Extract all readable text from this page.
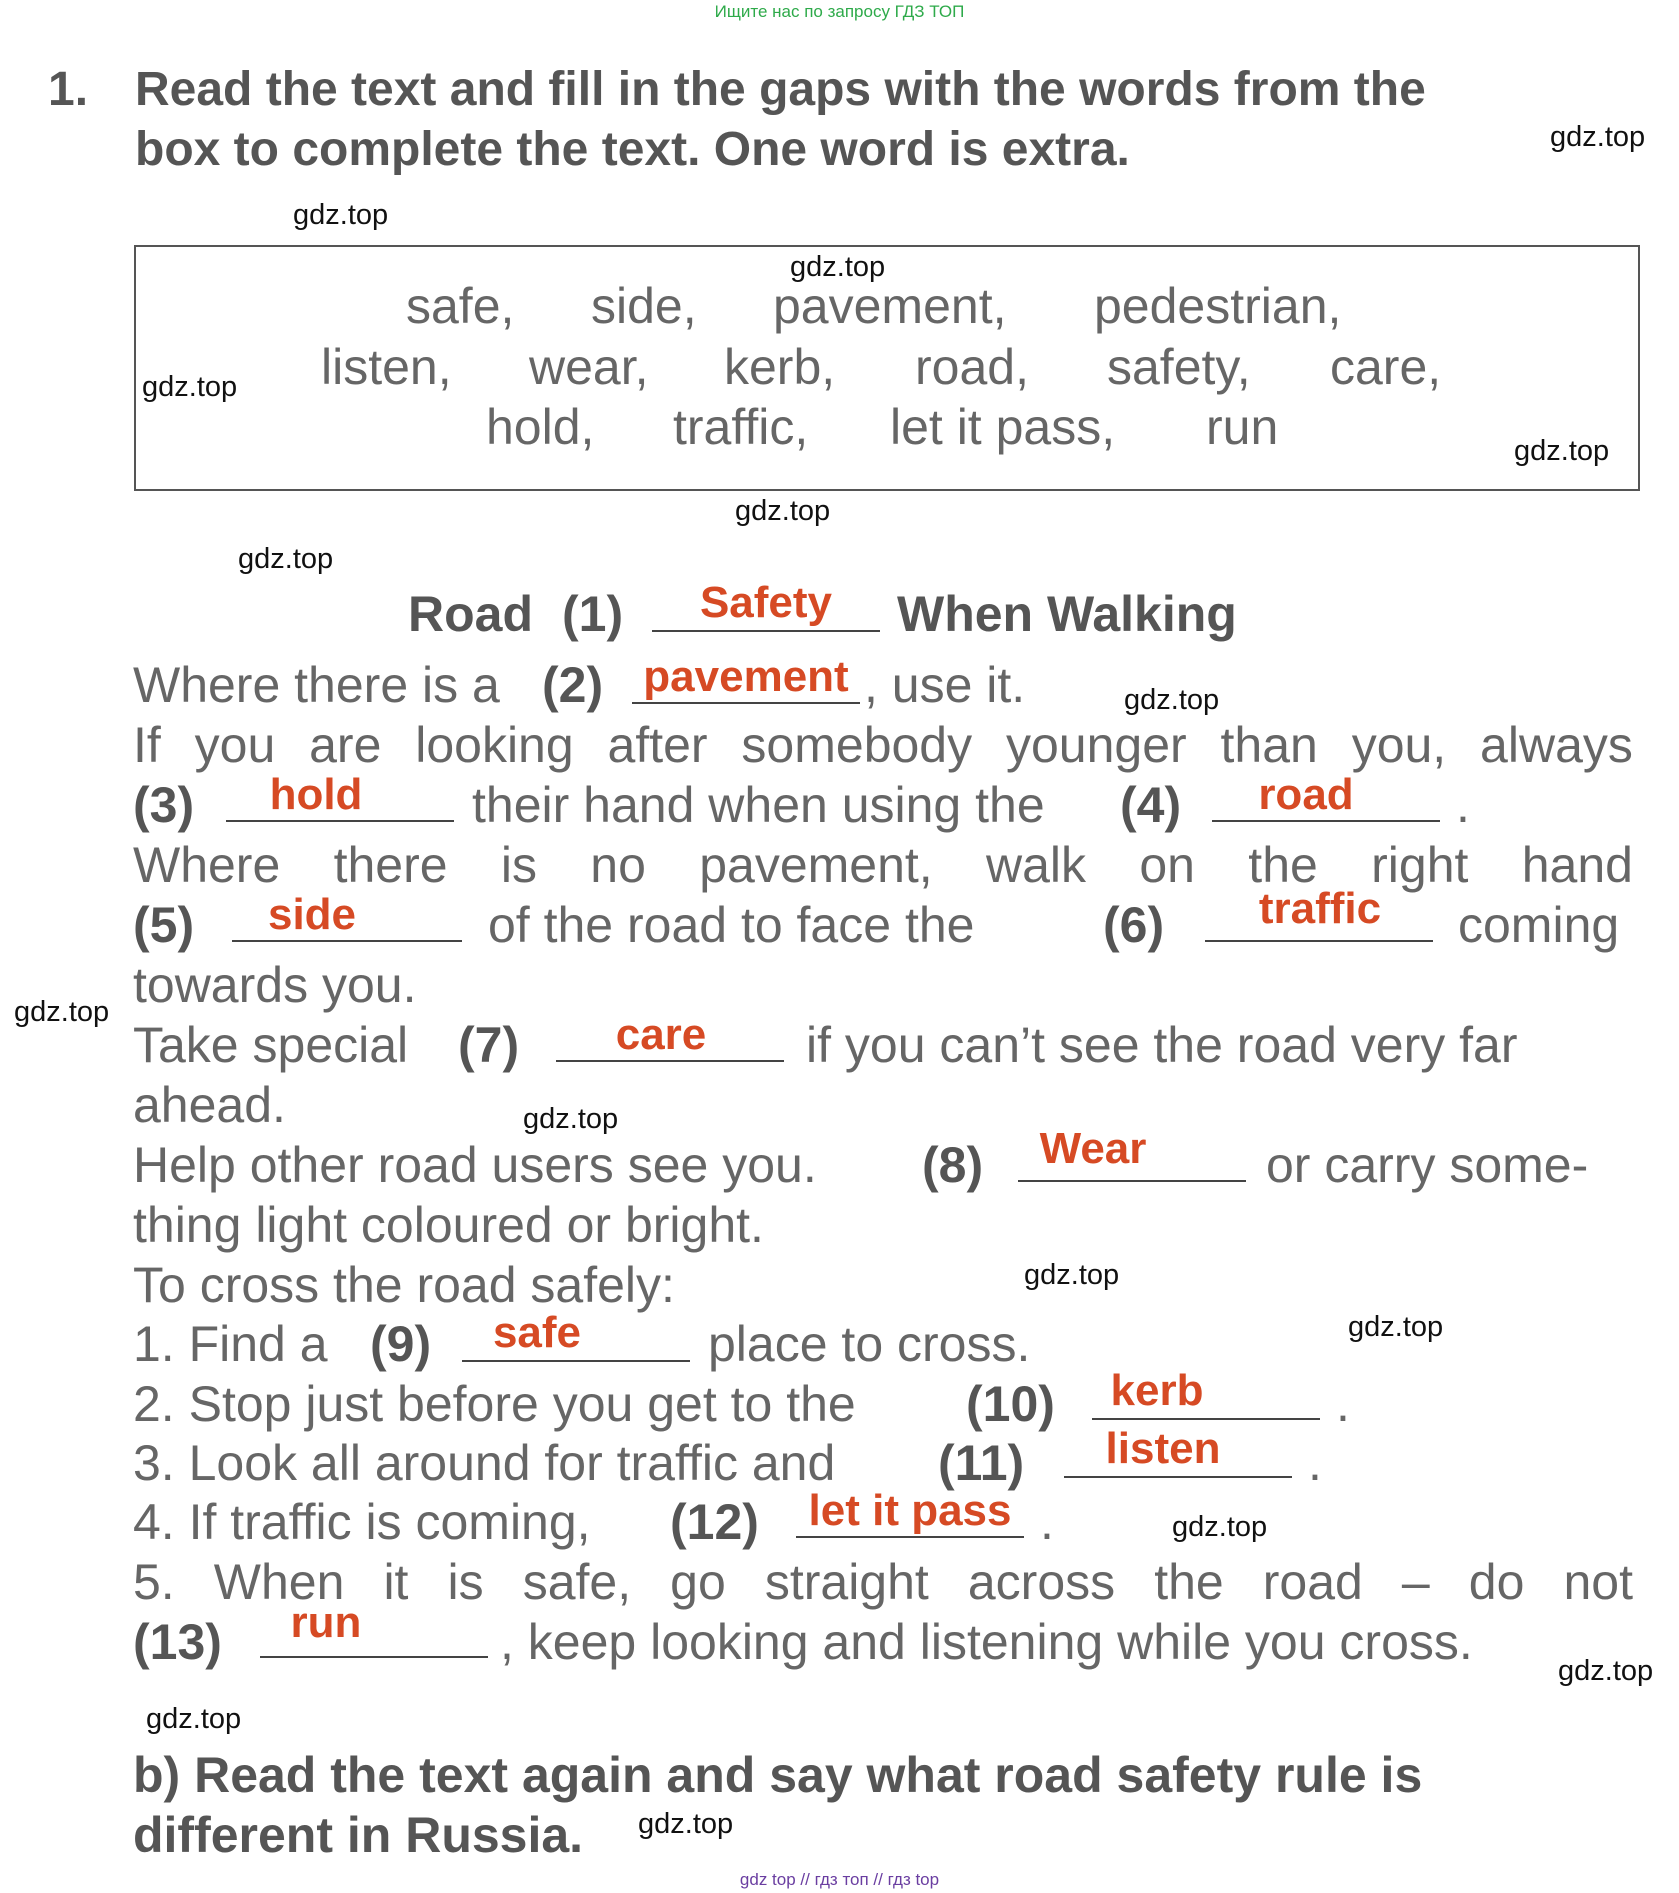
Ищите нас по запросу ГДЗ ТОП
1. Read the text and fill in the gaps with the words from the
box to complete the text. One word is extra.
safe, side, pavement, pedestrian,
listen, wear, kerb, road, safety, care,
hold, traffic, let it pass, run
Road (1)	Safety	When Walking
Where there is a (2) pavement , use it.
If you are looking after somebody younger than you, always
(3)	hold	their hand when using the (4)	road	.
Where there is no pavement, walk on the right hand
(5)	side	of the road to face the	(6)	traffic	coming
towards you.
Take special (7)	care	if you can’t see the road very far
ahead.
Help other road users see you. (8)	Wear	or carry some-
thing light coloured or bright.
To cross the road safely:
1. Find a (9)	safe	place to cross.
2. Stop just before you get to the (10)	kerb	.
3. Look all around for traffic and (11)	listen	.
4. If traffic is coming, (12) let it pass .
5. When it is safe, go straight across the road – do not
(13)	run	, keep looking and listening while you cross.
b) Read the text again and say what road safety rule is
different in Russia.
gdz.top
gdz.top
gdz.top
gdz.top
gdz.top
gdz.top
gdz.top
gdz.top
gdz.top
gdz.top
gdz.top
gdz.top
gdz.top
gdz.top
gdz.top
gdz.top
gdz top // гдз топ // гдз top
